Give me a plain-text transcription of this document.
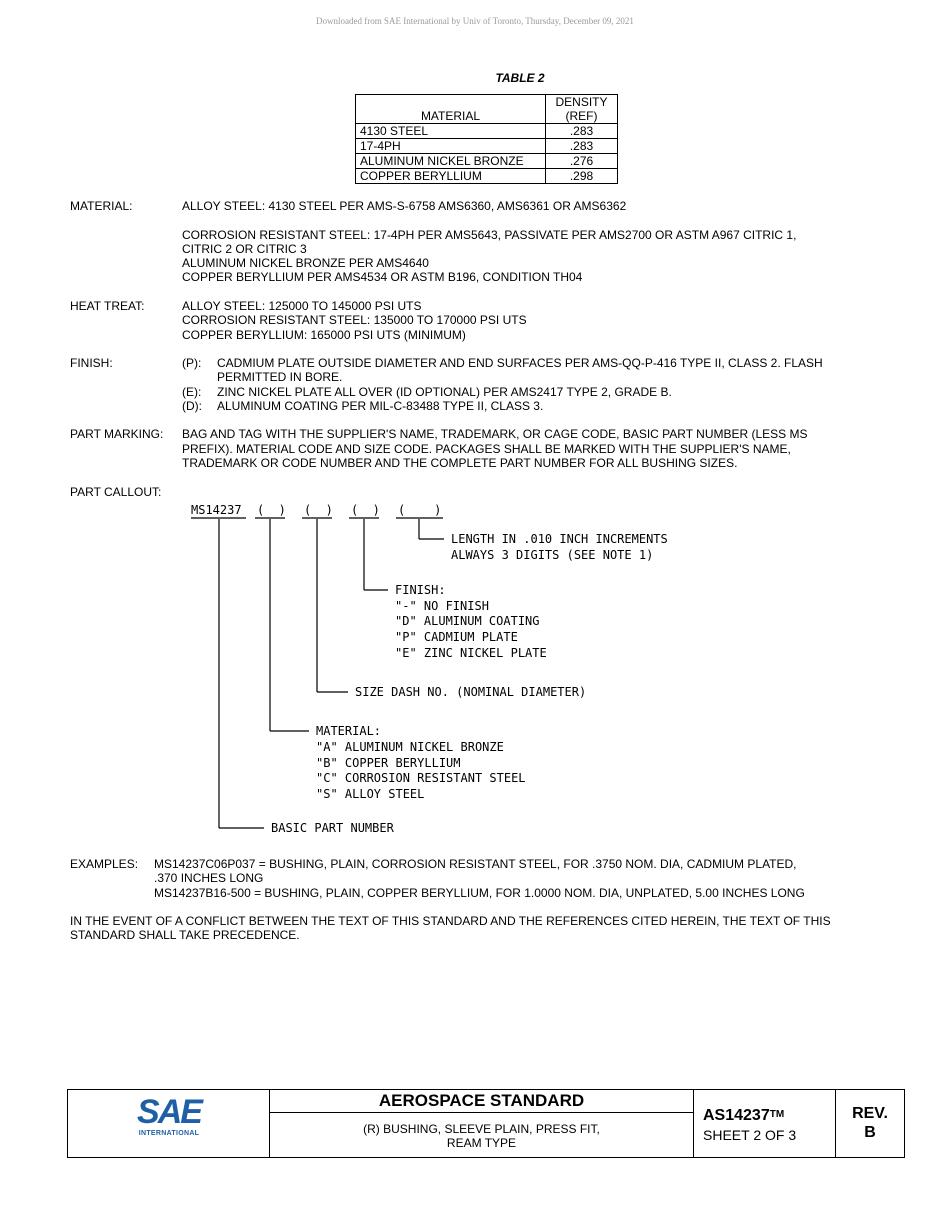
Downloaded from SAE International by Univ of Toronto, Thursday, December 09, 2021
TABLE 2
MATERIAL	DENSITY
(REF)
4130 STEEL	.283
17-4PH	.283
ALUMINUM NICKEL BRONZE	.276
COPPER BERYLLIUM	.298
MATERIAL:	ALLOY STEEL: 4130 STEEL PER AMS-S-6758 AMS6360, AMS6361 OR AMS6362
CORROSION RESISTANT STEEL: 17-4PH PER AMS5643, PASSIVATE PER AMS2700 OR ASTM A967 CITRIC 1,
CITRIC 2 OR CITRIC 3
ALUMINUM NICKEL BRONZE PER AMS4640
COPPER BERYLLIUM PER AMS4534 OR ASTM B196, CONDITION TH04
HEAT TREAT:	ALLOY STEEL: 125000 TO 145000 PSI UTS
CORROSION RESISTANT STEEL: 135000 TO 170000 PSI UTS
COPPER BERYLLIUM: 165000 PSI UTS (MINIMUM)
FINISH:	(P): CADMIUM PLATE OUTSIDE DIAMETER AND END SURFACES PER AMS-QQ-P-416 TYPE II, CLASS 2. FLASH
PERMITTED IN BORE.
(E): ZINC NICKEL PLATE ALL OVER (ID OPTIONAL) PER AMS2417 TYPE 2, GRADE B.
(D): ALUMINUM COATING PER MIL-C-83488 TYPE II, CLASS 3.
PART MARKING: BAG AND TAG WITH THE SUPPLIER'S NAME, TRADEMARK, OR CAGE CODE, BASIC PART NUMBER (LESS MS
PREFIX). MATERIAL CODE AND SIZE CODE. PACKAGES SHALL BE MARKED WITH THE SUPPLIER'S NAME,
TRADEMARK OR CODE NUMBER AND THE COMPLETE PART NUMBER FOR ALL BUSHING SIZES.
PART CALLOUT:
MS14237 (  ) (  ) (  ) (    )
LENGTH IN .010 INCH INCREMENTS
ALWAYS 3 DIGITS (SEE NOTE 1)
FINISH:
"-" NO FINISH
"D" ALUMINUM COATING
"P" CADMIUM PLATE
"E" ZINC NICKEL PLATE
SIZE DASH NO. (NOMINAL DIAMETER)
MATERIAL:
"A" ALUMINUM NICKEL BRONZE
"B" COPPER BERYLLIUM
"C" CORROSION RESISTANT STEEL
"S" ALLOY STEEL
BASIC PART NUMBER
EXAMPLES: MS14237C06P037 = BUSHING, PLAIN, CORROSION RESISTANT STEEL, FOR .3750 NOM. DIA, CADMIUM PLATED,
.370 INCHES LONG
MS14237B16-500 = BUSHING, PLAIN, COPPER BERYLLIUM, FOR 1.0000 NOM. DIA, UNPLATED, 5.00 INCHES LONG
IN THE EVENT OF A CONFLICT BETWEEN THE TEXT OF THIS STANDARD AND THE REFERENCES CITED HEREIN, THE TEXT OF THIS
STANDARD SHALL TAKE PRECEDENCE.
SAE
INTERNATIONAL
AEROSPACE STANDARD
(R) BUSHING, SLEEVE PLAIN, PRESS FIT,
REAM TYPE
AS14237TM
SHEET 2 OF 3
REV.
B
